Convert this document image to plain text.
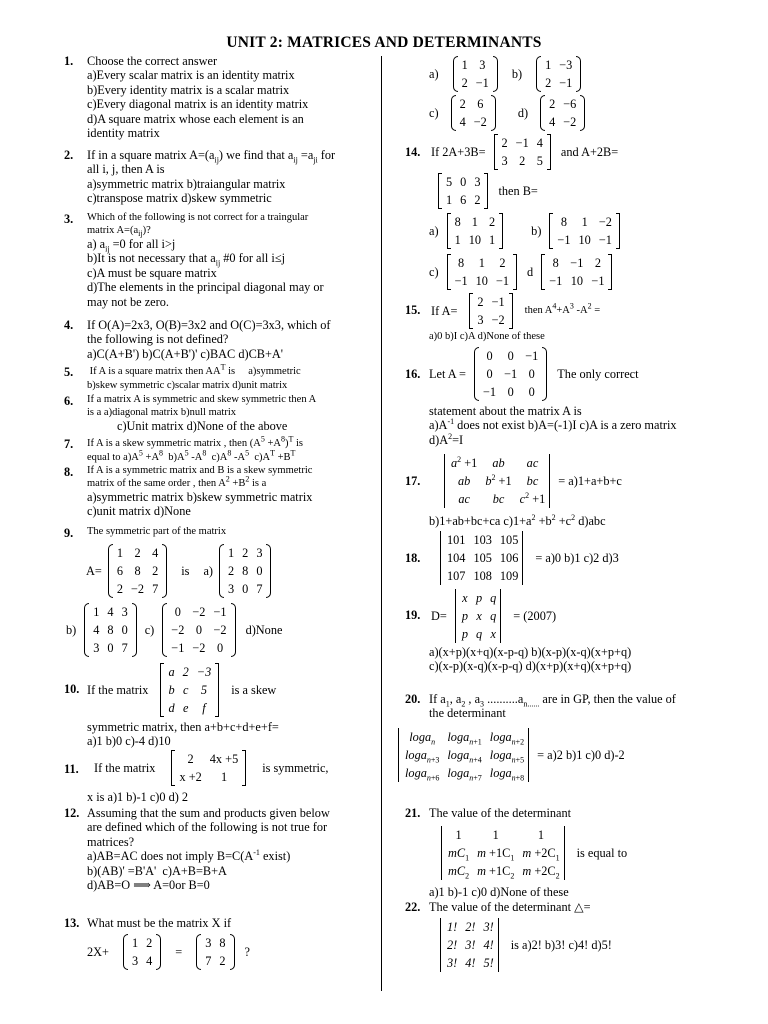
UNIT 2: MATRICES AND DETERMINANTS
1. Choose the correct answer
a)Every scalar matrix is an identity matrix
b)Every identity matrix is a scalar matrix
c)Every diagonal matrix is an identity matrix
d)A square matrix whose each element is an
identity matrix
2. If in a square matrix $A=(a_{ij})$ we find that $a_{ij} =a_{ji}$ for
all i, j, then A is
a)symmetric matrix b)traiangular matrix
c)transpose matrix d)skew symmetric
3. Which of the following is not correct for a traingular
matrix $A=(a_{ij})$?
a) $a_{ij} =0$ for all i>j
b)It is not necessary that $a_{ij}$ #0 for all i≤j
c)A must be square matrix
d)The elements in the principal diagonal may or
may not be zero.
4. If O(A)=2x3, O(B)=3x2 and O(C)=3x3, which of
the following is not defined?
a)C(A+B') b)C(A+B')' c)BAC d)CB+A'
5. If A is a square matrix then $AA^T$ is     a)symmetric
b)skew symmetric c)scalar matrix d)unit matrix
6. If a matrix A is symmetric and skew symmetric then A
is a a)diagonal matrix b)null matrix
c)Unit matrix d)None of the above
7. If A is a skew symmetric matrix , then $(A^5 +A^8)^T$ is
equal to $a)A^5 +A^8$  $b)A^5$ $-A^8$  $c)A^8$ $-A^5$  $c)A^T +B^T$
8. If A is a symmetric matrix and B is a skew symmetric
matrix of the same order , then $A^2 +B^2$ is a
a)symmetric matrix b)skew symmetric matrix
c)unit matrix d)None
9. The symmetric part of the matrix
A=
1	2	4
6	8	2
2	−2	7
is a)
1	2	3
2	8	0
3	0	7
b)
1	4	3
4	8	0
3	0	7
c)
0	−2	−1
−2	0	−2
−1	−2	0
d)None
10. If the matrix
a	2	−3
b	c	5
d	e	f
is a skew
symmetric matrix, then a+b+c+d+e+f=
a)1 b)0 c)-4 d)10
11. If the matrix
2	4x +5
x +2	1
is symmetric,
x is a)1 b)-1 c)0 d) 2
12. Assuming that the sum and products given below
are defined which of the following is not true for
matrices?
a)AB=AC does not imply $B=C(A^{-1}$ exist)
b)(AB)' =B'A'  c)A+B=B+A
d)AB=O ⟹ A=0or B=0
13. What must be the matrix X if
2X+
1	2
3	4
=
3	8
7	2
?
a)
1	3
2	−1
b)
1	−3
2	−1
c)
2	6
4	−2
d)
2	−6
4	−2
14. If 2A+3B=
2	−1	4
3	2	5
and A+2B=
5	0	3
1	6	2
then B=
a)
8	1	2
1	10	1
b)
8	1	−2
−1	10	−1
c)
8	1	2
−1	10	−1
d
8	−1	2
−1	10	−1
15. If A=
2	−1
3	−2
then $A^4+A^3$ $-A^2$ =
a)0 b)I c)A d)None of these
16. Let A =
0	0	−1
0	−1	0
−1	0	0
The only correct
statement about the matrix A is
$a)A^{-1}$ does not exist b)A=(-1)I c)A is a zero matrix
$d)A^2=I$
17.
$a^2 +1$	ab	ac
ab	$b^2 +1$	bc
ac	bc	$c^2 +1$
= a)1+a+b+c
b)1+ab+bc+ca $c)1+a^2 +b^2 +c^2$ d)abc
18.
101	103	105
104	105	106
107	108	109
= a)0 b)1 c)2 d)3
19. D=
x	p	q
p	x	q
p	q	x
= (2007)
a)(x+p)(x+q)(x-p-q) b)(x-p)(x-q)(x+p+q)
c)(x-p)(x-q)(x-p-q) d)(x+p)(x+q)(x+p+q)
20. If $a_1$, $a_2$ , $a_3$ $..........a_{n......}$ are in GP, then the value of
the determinant
loga$_n$	loga$_{n+1}$	loga$_{n+2}$
loga$_{n+3}$	loga$_{n+4}$	loga$_{n+5}$
loga$_{n+6}$	loga$_{n+7}$	loga$_{n+8}$
= a)2 b)1 c)0 d)-2
21. The value of the determinant
1	1	1
$mC_1$	$m +1C_1$	$m +2C_1$
$mC_2$	$m +1C_2$	$m +2C_2$
is equal to
a)1 b)-1 c)0 d)None of these
22. The value of the determinant △=
1!	2!	3!
2!	3!	4!
3!	4!	5!
is a)2! b)3! c)4! d)5!
